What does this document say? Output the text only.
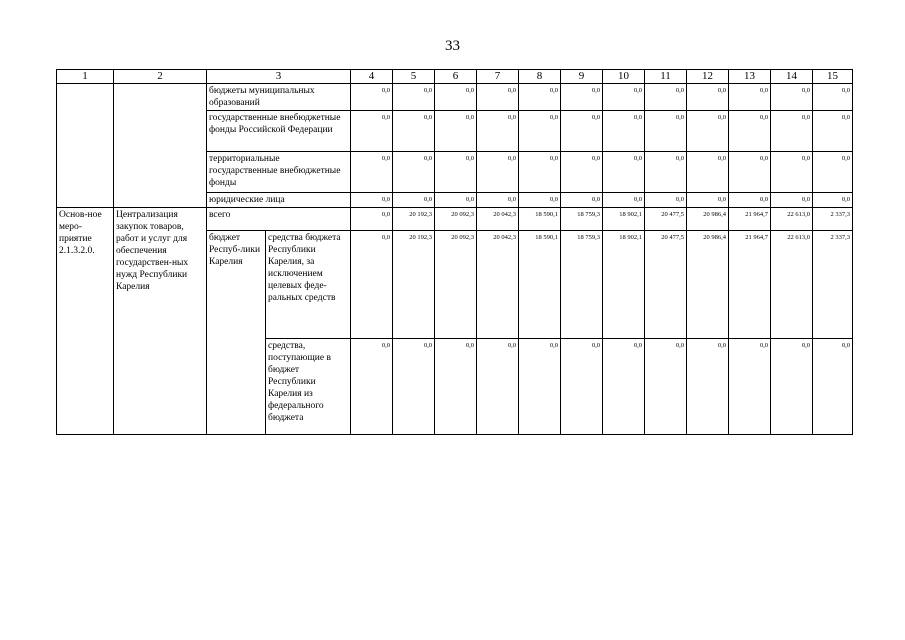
33
1	2	3		4	5	6	7	8	9	10	11	12	13	14	15
		бюджеты муниципальных образований		0,0	0,0	0,0	0,0	0,0	0,0	0,0	0,0	0,0	0,0	0,0	0,0
		государственные внебюджетные фонды Российской Федерации		0,0	0,0	0,0	0,0	0,0	0,0	0,0	0,0	0,0	0,0	0,0	0,0
		территориальные государственные внебюджетные фонды		0,0	0,0	0,0	0,0	0,0	0,0	0,0	0,0	0,0	0,0	0,0	0,0
		юридические лица		0,0	0,0	0,0	0,0	0,0	0,0	0,0	0,0	0,0	0,0	0,0	0,0
Основ-ное меро-приятие 2.1.3.2.0.	Централизация закупок товаров, работ и услуг для обеспечения государствен-ных нужд Республики Карелия	всего		0,0	20 192,3	20 092,3	20 042,3	18 590,1	18 759,3	18 902,1	20 477,5	20 986,4	21 964,7	22 613,0	2 337,3
		бюджет Респуб-лики Карелия	средства бюджета Республики Карелия, за исключением целевых феде-ральных средств	0,0	20 192,3	20 092,3	20 042,3	18 590,1	18 759,3	18 902,1	20 477,5	20 986,4	21 964,7	22 613,0	2 337,3
			средства, поступающие в бюджет Республики Карелия из федерального бюджета	0,0	0,0	0,0	0,0	0,0	0,0	0,0	0,0	0,0	0,0	0,0	0,0
